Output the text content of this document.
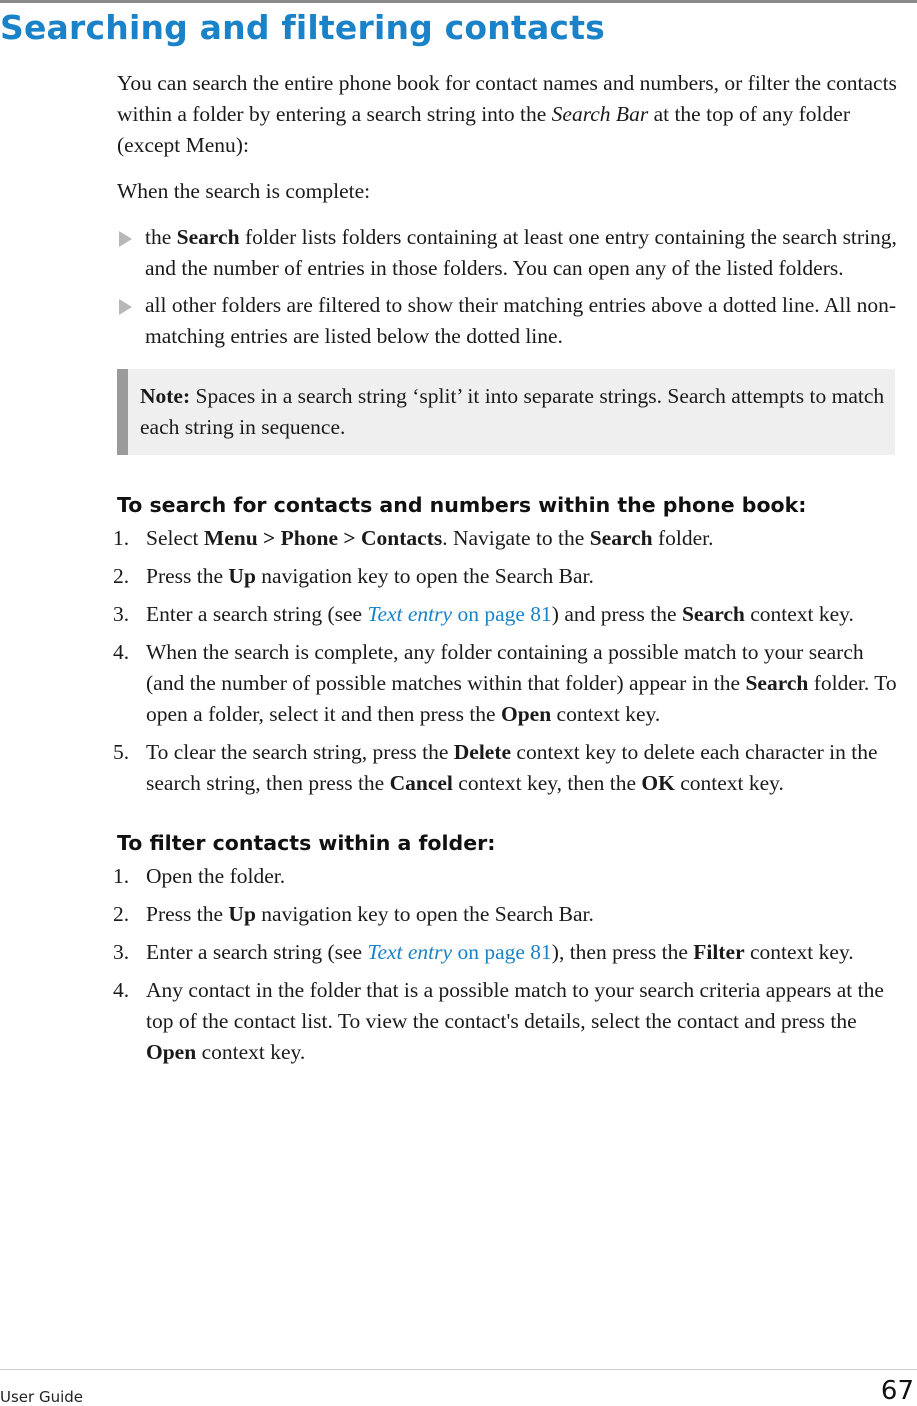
Searching and filtering contacts

You can search the entire phone book for contact names and numbers, or filter the contacts within a folder by entering a search string into the Search Bar at the top of any folder (except Menu):

When the search is complete:

the Search folder lists folders containing at least one entry containing the search string, and the number of entries in those folders. You can open any of the listed folders.
all other folders are filtered to show their matching entries above a dotted line. All non-matching entries are listed below the dotted line.
Note: Spaces in a search string ‘split’ it into separate strings. Search attempts to match each string in sequence.
To search for contacts and numbers within the phone book:
1. Select Menu > Phone > Contacts. Navigate to the Search folder.
2. Press the Up navigation key to open the Search Bar.
3. Enter a search string (see Text entry on page 81) and press the Search context key.
4. When the search is complete, any folder containing a possible match to your search (and the number of possible matches within that folder) appear in the Search folder. To open a folder, select it and then press the Open context key.
5. To clear the search string, press the Delete context key to delete each character in the search string, then press the Cancel context key, then the OK context key.
To filter contacts within a folder:
1. Open the folder.
2. Press the Up navigation key to open the Search Bar.
3. Enter a search string (see Text entry on page 81), then press the Filter context key.
4. Any contact in the folder that is a possible match to your search criteria appears at the top of the contact list. To view the contact's details, select the contact and press the Open context key.
User Guide	67
